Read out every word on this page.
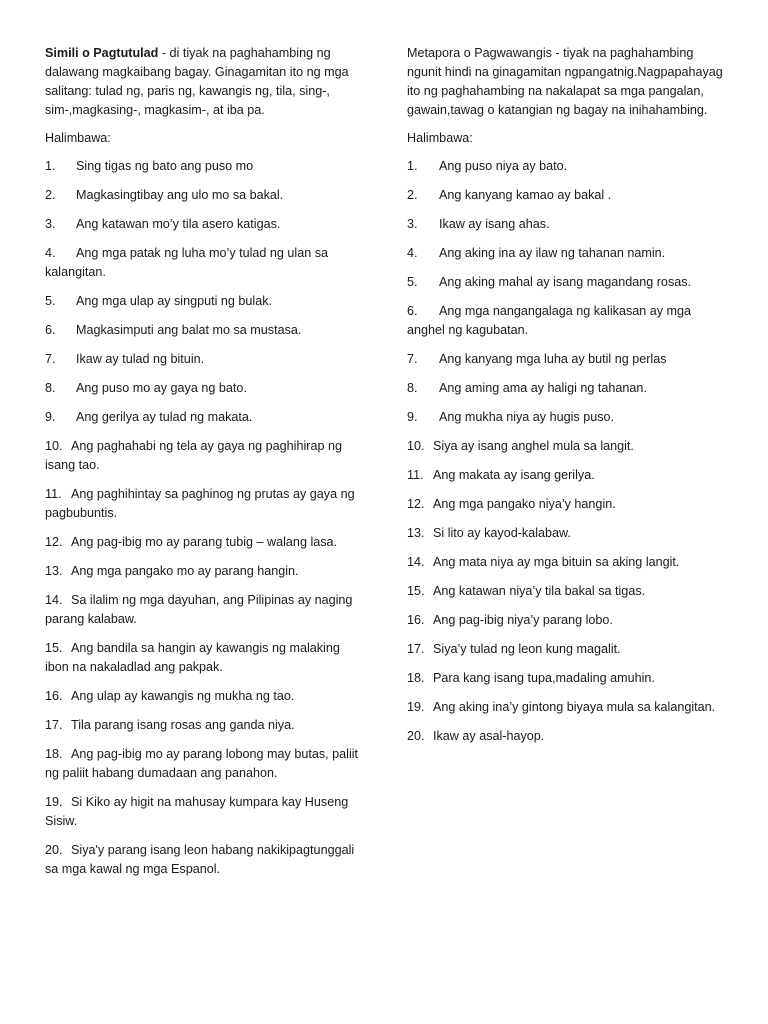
Simili o Pagtutulad - di tiyak na paghahambing ng dalawang magkaibang bagay. Ginagamitan ito ng mga salitang: tulad ng, paris ng, kawangis ng, tila, sing-, sim-,magkasing-, magkasim-, at iba pa.

Halimbawa:

1. Sing tigas ng bato ang puso mo
2. Magkasingtibay ang ulo mo sa bakal.
3. Ang katawan mo’y tila asero katigas.
4. Ang mga patak ng luha mo’y tulad ng ulan sa kalangitan.
5. Ang mga ulap ay singputi ng bulak.
6. Magkasimputi ang balat mo sa mustasa.
7. Ikaw ay tulad ng bituin.
8. Ang puso mo ay gaya ng bato.
9. Ang gerilya ay tulad ng makata.
10. Ang paghahabi ng tela ay gaya ng paghihirap ng isang tao.
11. Ang paghihintay sa paghinog ng prutas ay gaya ng pagbubuntis.
12. Ang pag-ibig mo ay parang tubig – walang lasa.
13. Ang mga pangako mo ay parang hangin.
14. Sa ilalim ng mga dayuhan, ang Pilipinas ay naging parang kalabaw.
15. Ang bandila sa hangin ay kawangis ng malaking ibon na nakaladlad ang pakpak.
16. Ang ulap ay kawangis ng mukha ng tao.
17. Tila parang isang rosas ang ganda niya.
18. Ang pag-ibig mo ay parang lobong may butas, paliit ng paliit habang dumadaan ang panahon.
19. Si Kiko ay higit na mahusay kumpara kay Huseng Sisiw.
20. Siya'y parang isang leon habang nakikipagtunggali sa mga kawal ng mga Espanol.

Metapora o Pagwawangis - tiyak na paghahambing ngunit hindi na ginagamitan ngpangatnig.Nagpapahayag ito ng paghahambing na nakalapat sa mga pangalan, gawain,tawag o katangian ng bagay na inihahambing.

Halimbawa:

1. Ang puso niya ay bato.
2. Ang kanyang kamao ay bakal .
3. Ikaw ay isang ahas.
4. Ang aking ina ay ilaw ng tahanan namin.
5. Ang aking mahal ay isang magandang rosas.
6. Ang mga nangangalaga ng kalikasan ay mga anghel ng kagubatan.
7. Ang kanyang mga luha ay butil ng perlas
8. Ang aming ama ay haligi ng tahanan.
9. Ang mukha niya ay hugis puso.
10. Siya ay isang anghel mula sa langit.
11. Ang makata ay isang gerilya.
12. Ang mga pangako niya’y hangin.
13. Si lito ay kayod-kalabaw.
14. Ang mata niya ay mga bituin sa aking langit.
15. Ang katawan niya’y tila bakal sa tigas.
16. Ang pag-ibig niya’y parang lobo.
17. Siya’y tulad ng leon kung magalit.
18. Para kang isang tupa,madaling amuhin.
19. Ang aking ina’y gintong biyaya mula sa kalangitan.
20. Ikaw ay asal-hayop.
